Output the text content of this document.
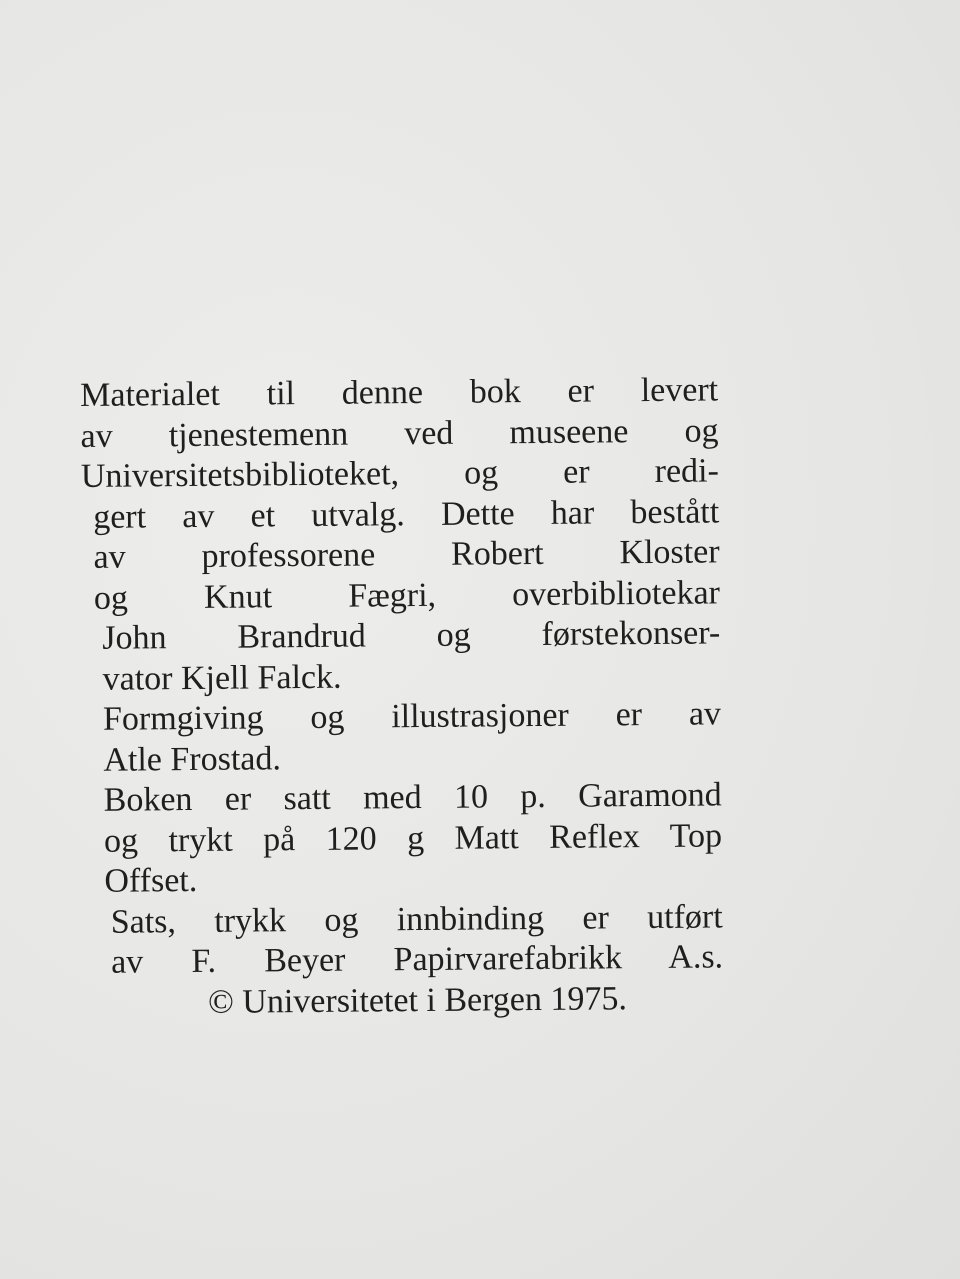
Materialet til denne bok er levert
av tjenestemenn ved museene og
Universitetsbiblioteket, og er redi-
gert av et utvalg. Dette har bestått
av professorene Robert Kloster
og Knut Fægri, overbibliotekar
John Brandrud og førstekonser-
vator Kjell Falck.
Formgiving og illustrasjoner er av
Atle Frostad.
Boken er satt med 10 p. Garamond
og trykt på 120 g Matt Reflex Top
Offset.
Sats, trykk og innbinding er utført
av F. Beyer Papirvarefabrikk A.s.
© Universitetet i Bergen 1975.
